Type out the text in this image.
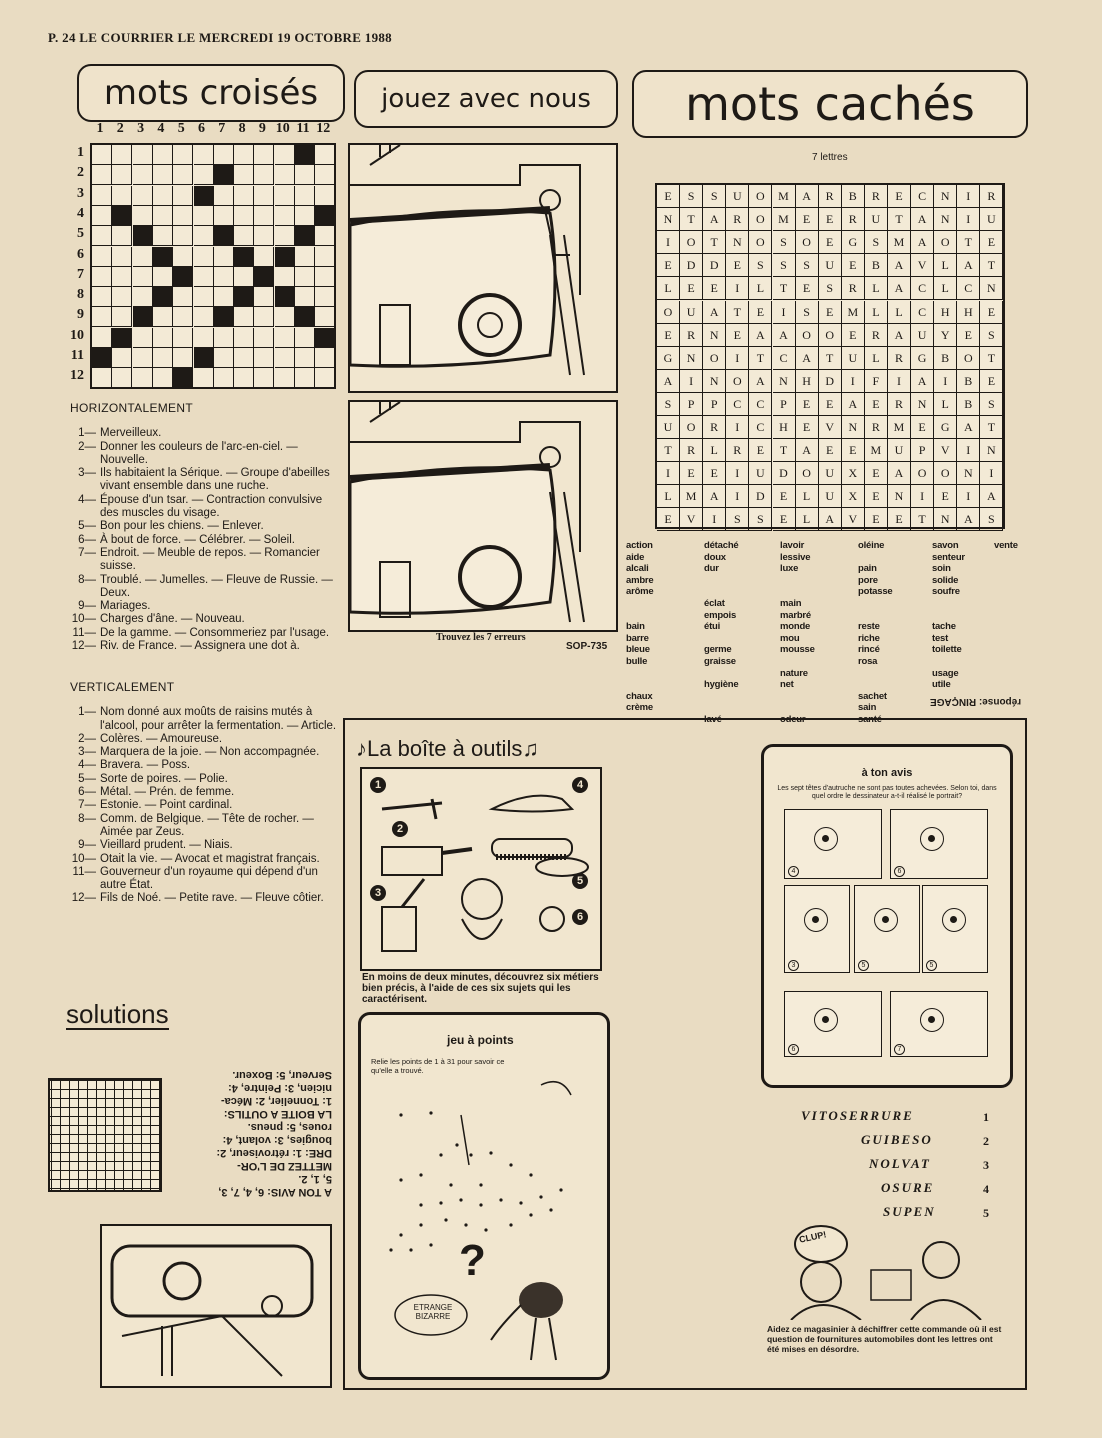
P. 24 LE COURRIER LE MERCREDI 19 OCTOBRE 1988
mots croisés jouez avec nous mots cachés
1 2 3 4 5 6 7 8 9 10 11 12
1
2
3
4
5
6
7
8
9
10
11
12
HORIZONTALEMENT
1— Merveilleux.
2— Donner les couleurs de l'arc-en-ciel. — Nouvelle.
3— Ils habitaient la Sérique. — Groupe d'abeilles vivant ensemble dans une ruche.
4— Épouse d'un tsar. — Contraction convulsive des muscles du visage.
5— Bon pour les chiens. — Enlever.
6— À bout de force. — Célébrer. — Soleil.
7— Endroit. — Meuble de repos. — Romancier suisse.
8— Troublé. — Jumelles. — Fleuve de Russie. — Deux.
9— Mariages.
10— Charges d'âne. — Nouveau.
11— De la gamme. — Consommeriez par l'usage.
12— Riv. de France. — Assignera une dot à.
VERTICALEMENT
1— Nom donné aux moûts de raisins mutés à l'alcool, pour arrêter la fermentation. — Article.
2— Colères. — Amoureuse.
3— Marquera de la joie. — Non accompagnée.
4— Bravera. — Poss.
5— Sorte de poires. — Polie.
6— Métal. — Prén. de femme.
7— Estonie. — Point cardinal.
8— Comm. de Belgique. — Tête de rocher. — Aimée par Zeus.
9— Vieillard prudent. — Niais.
10— Otait la vie. — Avocat et magistrat français.
11— Gouverneur d'un royaume qui dépend d'un autre État.
12— Fils de Noé. — Petite rave. — Fleuve côtier.
solutions
A TON AVIS: 6, 4, 7, 3,
5, 1, 2.
METTEZ DE L'OR-
DRE: 1: rétroviseur, 2:
bougies, 3: volant, 4:
roues, 5: pneus.
LA BOITE A OUTILS:
1: Tonnelier, 2: Méca-
nicien, 3: Peintre, 4:
Serveur, 5: Boxeur.
Trouvez les 7 erreurs
SOP-735
7 lettres
E	S	S	U	O	M	A	R	B	R	E	C	N	I	R
N	T	A	R	O	M	E	E	R	U	T	A	N	I	U
I	O	T	N	O	S	O	E	G	S	M	A	O	T	E
E	D	D	E	S	S	S	U	E	B	A	V	L	A	T
L	E	E	I	L	T	E	S	R	L	A	C	L	C	N
O	U	A	T	E	I	S	E	M	L	L	C	H	H	E
E	R	N	E	A	A	O	O	E	R	A	U	Y	E	S
G	N	O	I	T	C	A	T	U	L	R	G	B	O	T
A	I	N	O	A	N	H	D	I	F	I	A	I	B	E
S	P	P	C	C	P	E	E	A	E	R	N	L	B	S
U	O	R	I	C	H	E	V	N	R	M	E	G	A	T
T	R	L	R	E	T	A	E	E	M	U	P	V	I	N
I	E	E	I	U	D	O	U	X	E	A	O	O	N	I
L	M	A	I	D	E	L	U	X	E	N	I	E	I	A
E	V	I	S	S	E	L	A	V	E	E	T	N	A	S
action
aide
alcali
ambre
arôme

bain
barre
bleue
bulle

chaux
crème
détaché
doux
dur

éclat
empois
étui

germe
graisse

hygiène

lavé
lavoir
lessive
luxe

main
marbré
monde
mou
mousse

nature
net

odeur
oléine

pain
pore
potasse

reste
riche
rincé
rosa

sachet
sain
santé
savon
senteur
soin
solide
soufre

tache
test
toilette

usage
utile
vente
réponse: RINÇAGE
♪La boîte à outils♫
1
2
3
4
5
6
En moins de deux minutes, découvrez six métiers bien précis, à l'aide de ces six sujets qui les caractérisent.
jeu à points
Relie les points de 1 à 31 pour savoir ce qu'elle a trouvé.
?
ETRANGE BIZARRE
à ton avis
Les sept têtes d'autruche ne sont pas toutes achevées. Selon toi, dans quel ordre le dessinateur a-t-il réalisé le portrait?
4	6
3	5	5
6	7
VITOSERRURE	1
GUIBESO	2
NOLVAT	3
OSURE	4
SUPEN	5
CLUP!
Aidez ce magasinier à déchiffrer cette commande où il est question de fournitures automobiles dont les lettres ont été mises en désordre.
